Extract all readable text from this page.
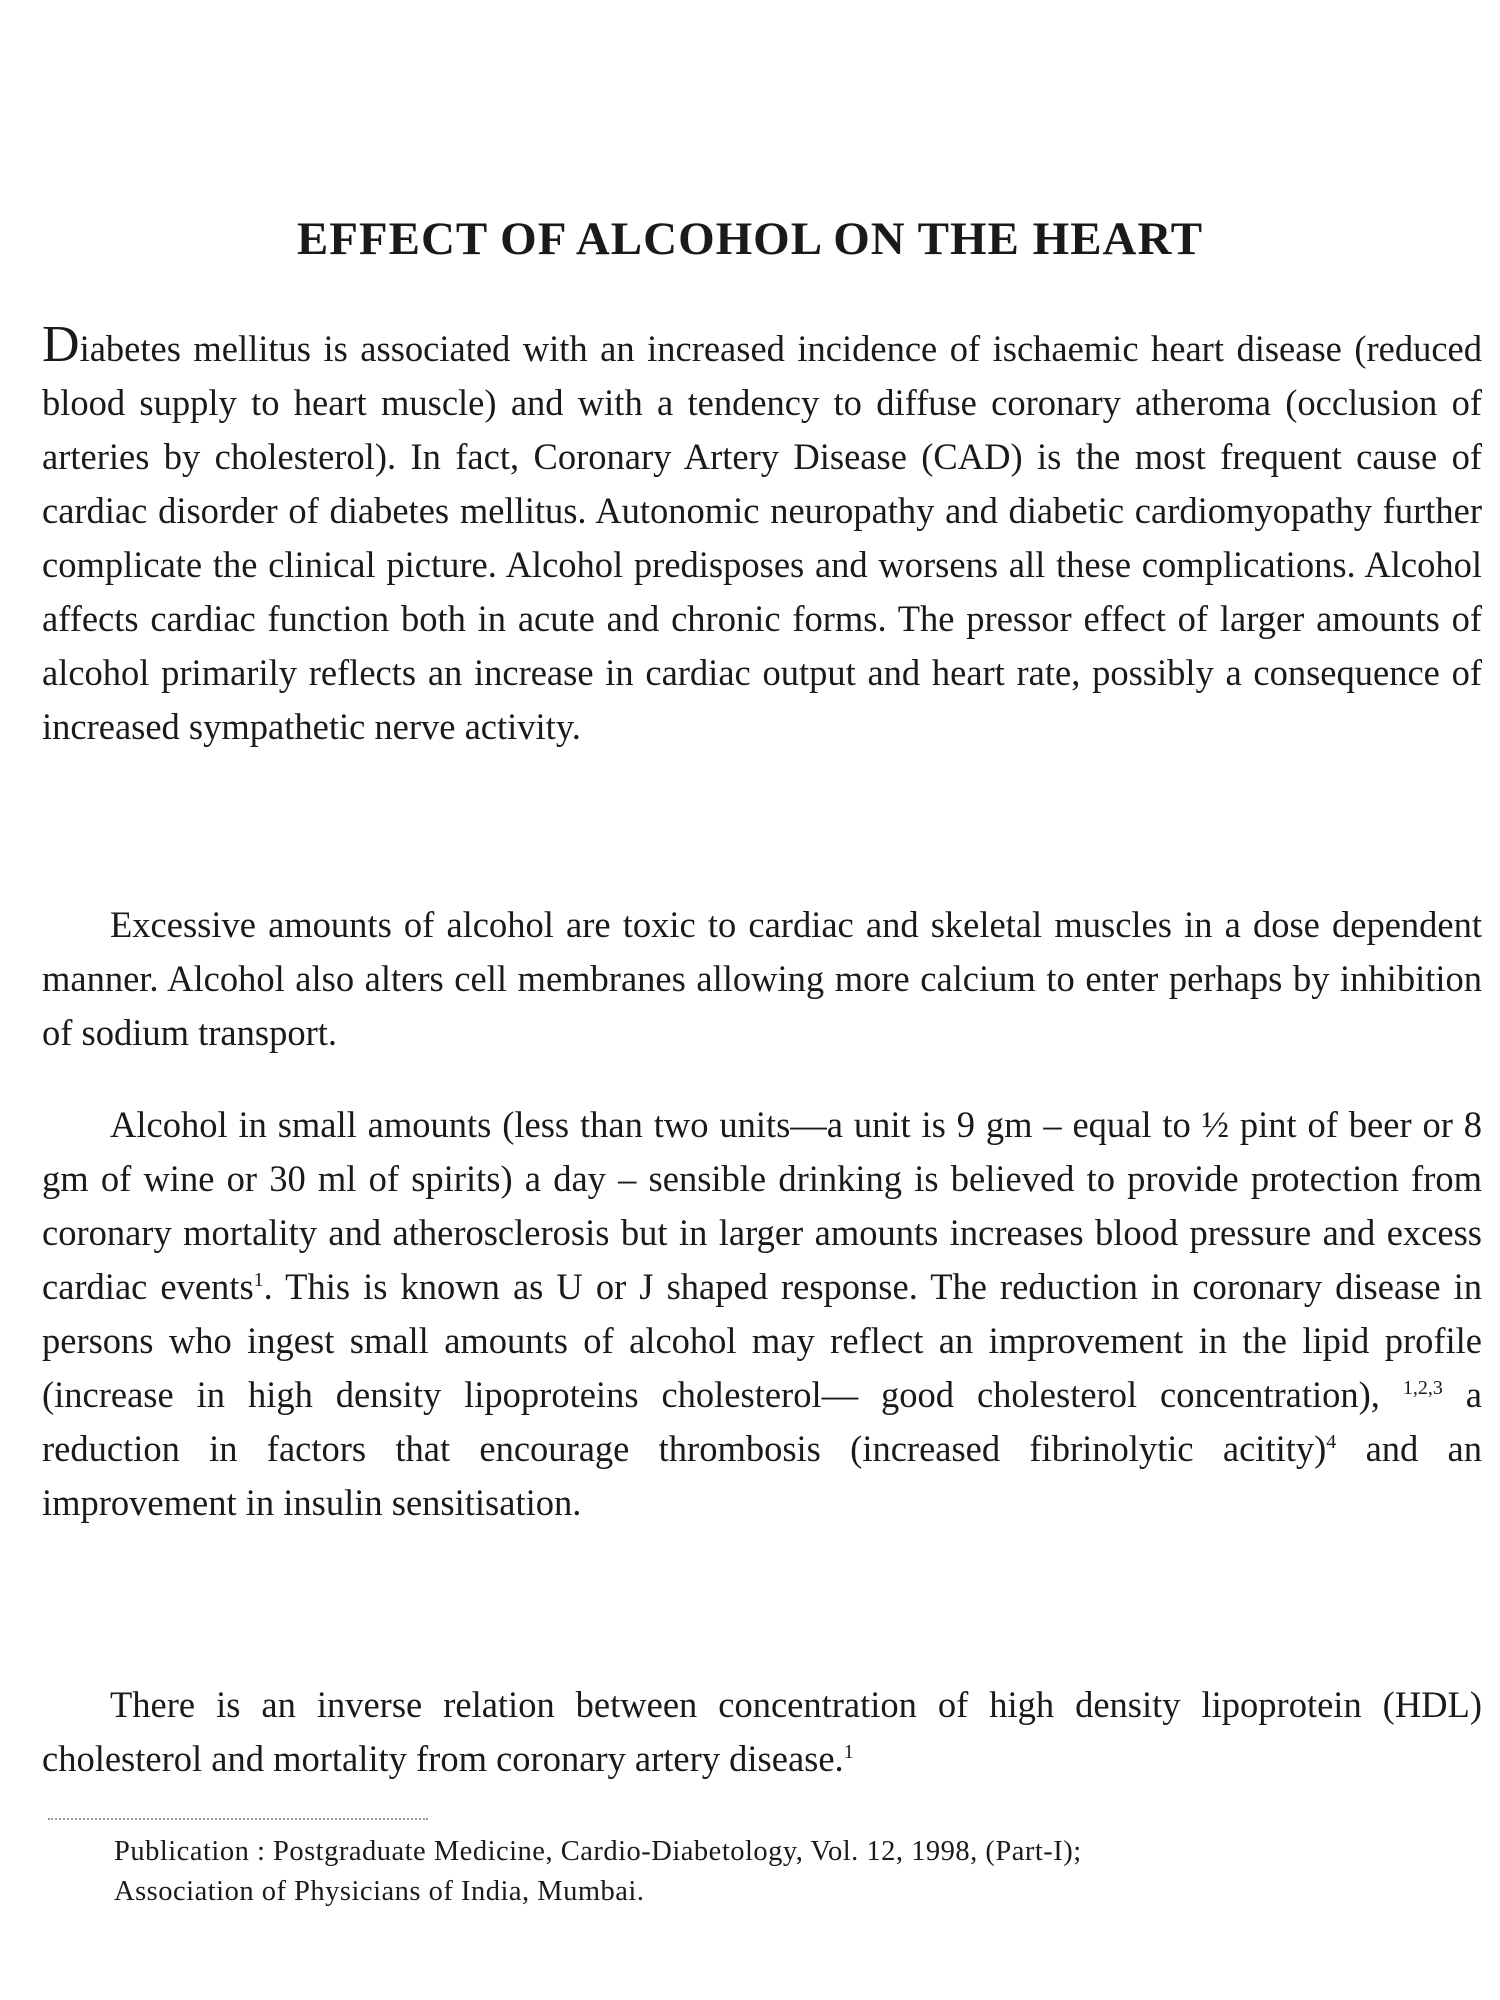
EFFECT OF ALCOHOL ON THE HEART

Diabetes mellitus is associated with an increased incidence of ischaemic heart disease (reduced blood supply to heart muscle) and with a tendency to diffuse coronary atheroma (occlusion of arteries by cholesterol). In fact, Coronary Artery Disease (CAD) is the most frequent cause of cardiac disorder of diabetes mellitus. Autonomic neuropathy and diabetic cardiomyopathy further complicate the clinical picture. Alcohol predisposes and worsens all these complications. Alcohol affects cardiac function both in acute and chronic forms. The pressor effect of larger amounts of alcohol primarily reflects an increase in cardiac output and heart rate, possibly a consequence of increased sympathetic nerve activity.

Excessive amounts of alcohol are toxic to cardiac and skeletal muscles in a dose dependent manner. Alcohol also alters cell membranes allowing more calcium to enter perhaps by inhibition of sodium transport.

Alcohol in small amounts (less than two units—a unit is 9 gm – equal to ½ pint of beer or 8 gm of wine or 30 ml of spirits) a day – sensible drinking is believed to provide protection from coronary mortality and atherosclerosis but in larger amounts increases blood pressure and excess cardiac events$^1$. This is known as U or J shaped response. The reduction in coronary disease in persons who ingest small amounts of alcohol may reflect an improvement in the lipid profile (increase in high density lipoproteins cholesterol— good cholesterol concentration), $^{1,2,3}$ a reduction in factors that encourage thrombosis (increased fibrinolytic acitity)$^4$ and an improvement in insulin sensitisation.

There is an inverse relation between concentration of high density lipoprotein (HDL) cholesterol and mortality from coronary artery disease.$^1$

Publication : Postgraduate Medicine, Cardio-Diabetology, Vol. 12, 1998, (Part-I);
Association of Physicians of India, Mumbai.
